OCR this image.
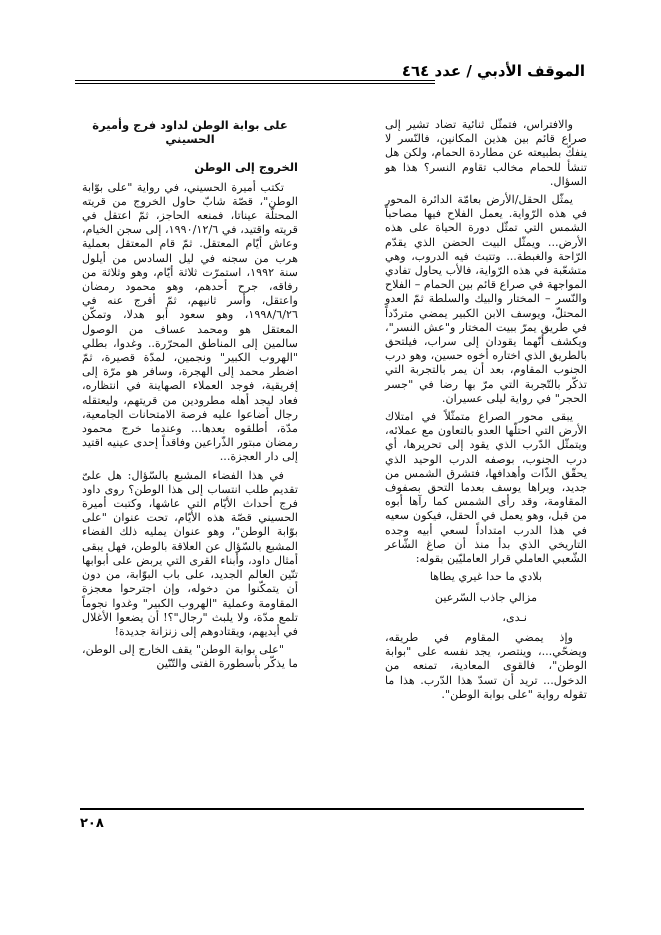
الموقف الأدبي / عدد ٤٦٤

والافتراس، فتمثّل ثنائية تضاد تشير إلى صراع قائم بين هذين المكانين، فالنّسر لا ينفكّ بطبيعته عن مطاردة الحمام، ولكن هل تنشأ للحمام مخالب تقاوم النسر؟ هذا هو السؤال.

يمثّل الحقل/الأرض بعامّة الدائرة المحور في هذه الرّواية. يعمل الفلاح فيها مصاحباً الشمس التي تمثّل دورة الحياة على هذه الأرض... ويمثّل البيت الحضن الذي يقدّم الرّاحة والغبطة... وتتبث فيه الدروب، وهي متشعّبة في هذه الرّواية، فالأب يحاول تفادي المواجهة في صراع قائم بين الحمام – الفلاح والنّسر – المختار والبيك والسلطة ثمّ العدو المحتلّ، ويوسف الابن الكبير يمضي متردّداً في طريق يمرّ ببيت المختار و"عش النسر"، ويكشف أنّهما يقودان إلى سراب، فيلتحق بالطريق الذي اختاره أخوه حسين، وهو درب الجنوب المقاوم، بعد أن يمر بالتجربة التي تذكّر بالتّجربة التي مرّ بها رضا في "جسر الحجر" في رواية ليلى عسيران.

يبقى محور الصراع متمثّلاً في امتلاك الأرض التي احتلّها العدو بالتعاون مع عملائه، ويتمثّل الدّرب الذي يقود إلى تحريرها، أي درب الجنوب، بوصفه الدرب الوحيد الذي يحقّق الذّات وأهدافها، فتشرق الشمس من جديد، ويراها يوسف بعدما التحق بصفوف المقاومة، وقد رأى الشمس كما رآها أبوه من قبل، وهو يعمل في الحقل، فيكون سعيه في هذا الدرب امتداداً لسعي أبيه وجده التاريخي الذي بدأ منذ أن صاغ الشّاعر الشّعبي العاملي قرار العامليّين بقوله:

بلادي ما حدا غيري يطاها
مزالي جاذب السّرعين
نـدى،

وإذ يمضي المقاوم في طريقه، ويضحّي...، وينتصر، يجد نفسه على "بوابة الوطن"، فالقوى المعادية، تمنعه من الدخول... تريد أن تسدّ هذا الدّرب. هذا ما تقوله رواية "على بوابة الوطن".

على بوابة الوطن لداود فرج وأميرة الحسيني
الخروج إلى الوطن

تكتب أميرة الحسيني، في رواية "على بوّابة الوطن"، قصّة شابّ حاول الخروج من قريته المحتلّة عيناتا، فمنعه الحاجز، ثمّ اعتقل في قريته واقتيد، في ١٩٩٠/١٢/٦، إلى سجن الخيام، وعاش أيّام المعتقل. ثمّ قام المعتقل بعملية هرب من سجنه في ليل السادس من أيلول سنة ١٩٩٢، استمرّت ثلاثة أيّام، وهو وثلاثة من رفاقه، جرح أحدهم، وهو محمود رمضان واعتقل، وأسر ثانيهم، ثمّ أفرج عنه في ١٩٩٨/٦/٢٦، وهو سعود أبو هدلا، وتمكّن المعتقل هو ومحمد عساف من الوصول سالمين إلى المناطق المحرّرة.. وغدوا، بطلي "الهروب الكبير" ونجمين، لمدّة قصيرة، ثمّ اضطر محمد إلى الهجرة، وسافر هو مرّة إلى إفريقية، فوجد العملاء الصهاينة في انتظاره، فعاد ليجد أهله مطرودين من قريتهم، وليعتقله رجال أضاعوا عليه فرصة الامتحانات الجامعية، مدّة، أطلقوه بعدها... وعندما خرج محمود رمضان مبتور الذّراعين وفاقداً إحدى عينيه اقتيد إلى دار العجزة...

في هذا الفضاء المشبع بالسّؤال: هل علىّ تقديم طلب انتساب إلى هذا الوطن؟ روى داود فرج أحداث الأيّام التي عاشها، وكتبت أميرة الحسيني قصّة هذه الأيّام، تحت عنوان "على بوّابة الوطن"، وهو عنوان يمليه ذلك الفضاء المشبع بالسّؤال عن العلاقة بالوطن، فهل يبقى أمثال داود، وأبناء القرى التي يربض على أبوابها تنّين العالم الجديد، على باب البوّابة، من دون أن يتمكّنوا من دخوله، وإن اجترحوا معجزة المقاومة وعملية "الهروب الكبير" وغدوا نجوماً تلمع مدّة، ولا يلبث "رجال"؟! أن يضعوا الأغلال في أيديهم، ويقتادوهم إلى زنزانة جديدة!

"على بوابة الوطن" يقف الخارج إلى الوطن، ما يذكّر بأسطورة الفتى والتّنّين

٢٠٨
